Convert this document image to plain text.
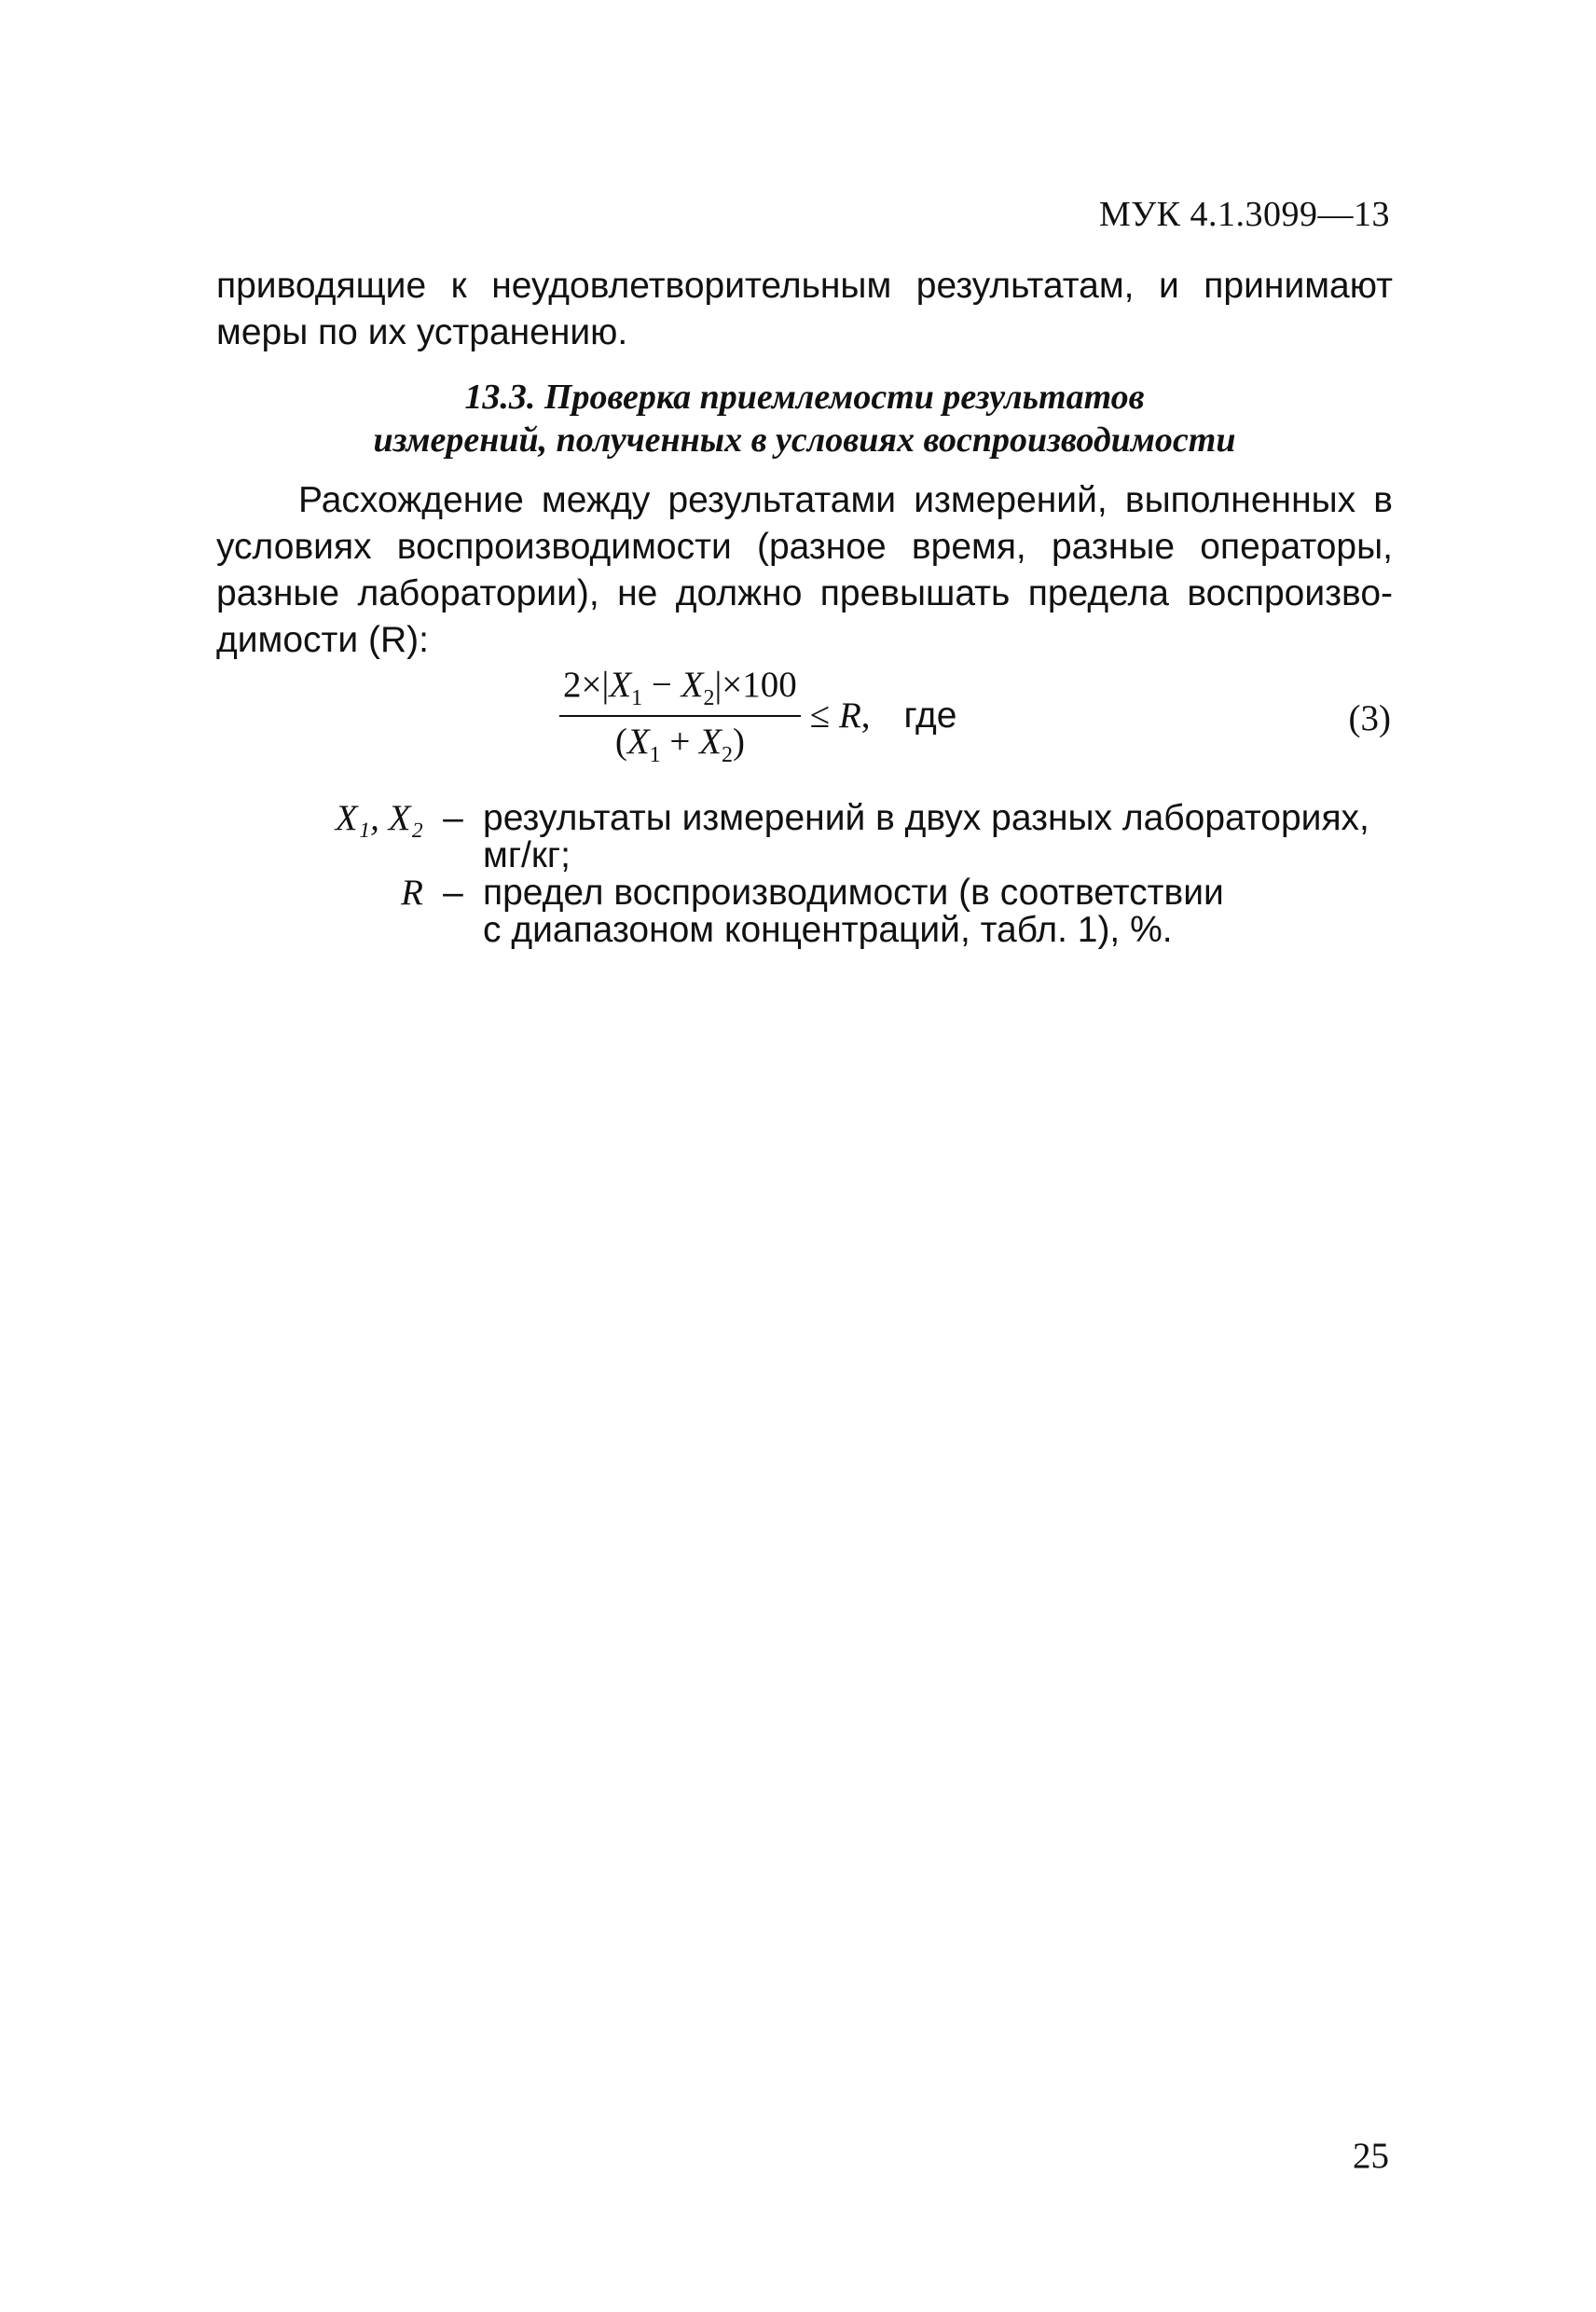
МУК 4.1.3099—13

приводящие к неудовлетворительным результатам, и принимают
меры по их устранению.

13.3. Проверка приемлемости результатов
измерений, полученных в условиях воспроизводимости

Расхождение между результатами измерений, выполненных в
условиях воспроизводимости (разное время, разные операторы,
разные лаборатории), не должно превышать предела воспроизво-
димости (R):

$\frac{2\times|X_1 - X_2|\times 100}{(X_1 + X_2)} \le R$, где	(3)
X₁, X₂ – результаты измерений в двух разных лабораториях,
мг/кг;
R – предел воспроизводимости (в соответствии
с диапазоном концентраций, табл. 1), %.
25
